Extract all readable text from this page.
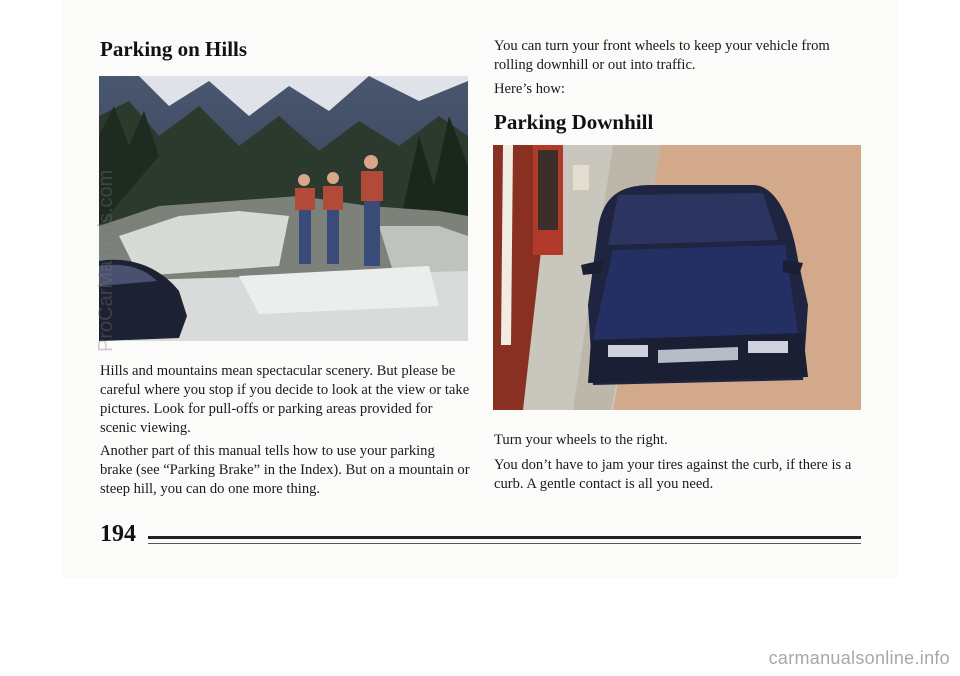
Parking on Hills

Hills and mountains mean spectacular scenery. But please be careful where you stop if you decide to look at the view or take pictures. Look for pull-offs or parking areas provided for scenic viewing.

Another part of this manual tells how to use your parking brake (see “Parking Brake” in the Index). But on a mountain or steep hill, you can do one more thing.

You can turn your front wheels to keep your vehicle from rolling downhill or out into traffic.

Here’s how:

Parking Downhill

Turn your wheels to the right.

You don’t have to jam your tires against the curb, if there is a curb. A gentle contact is all you need.

194
ProCarManuals.com
carmanualsonline.info
